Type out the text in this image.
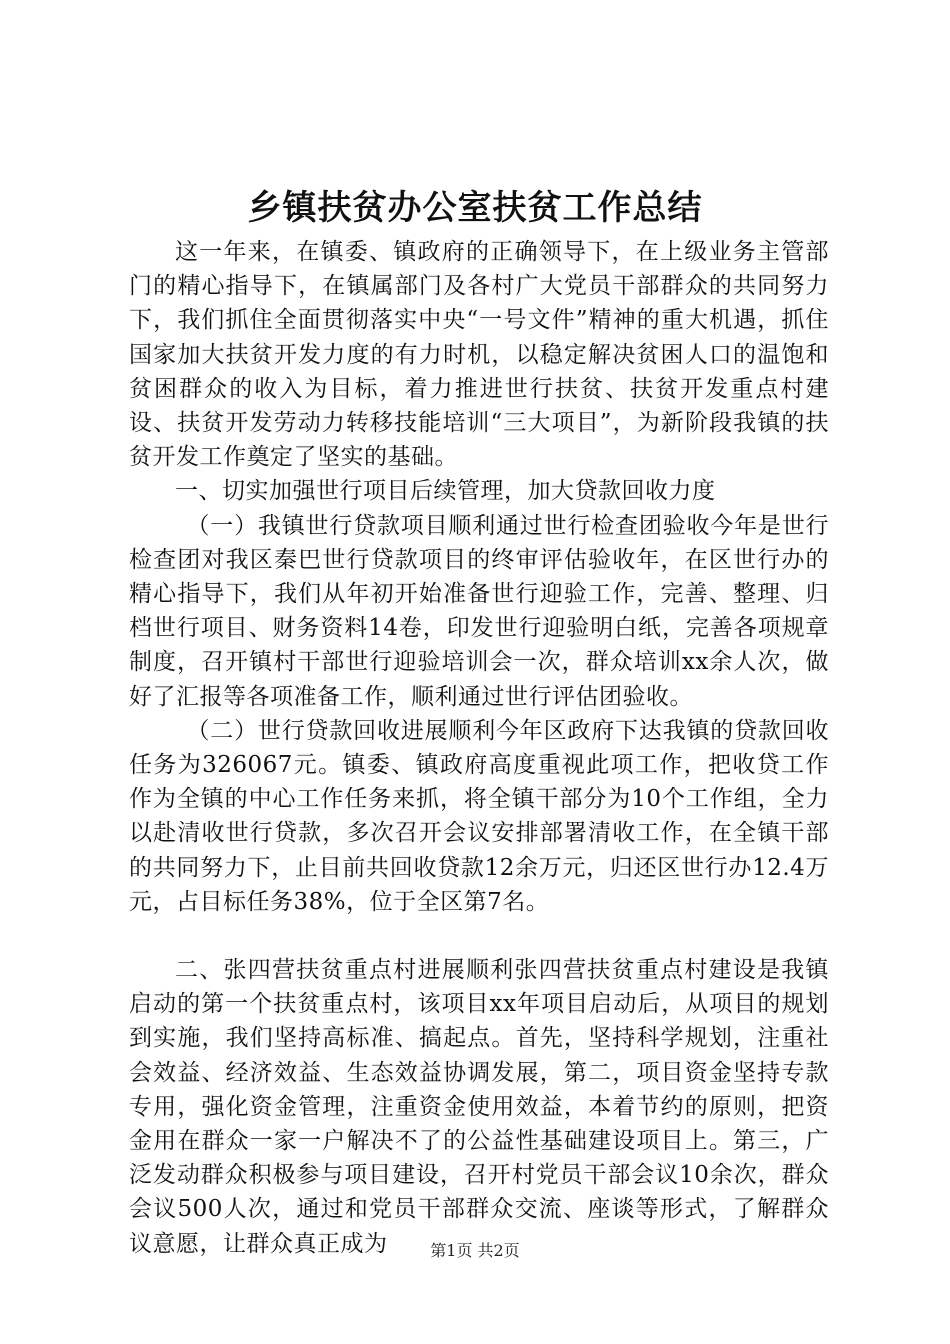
乡镇扶贫办公室扶贫工作总结

这一年来，在镇委、镇政府的正确领导下，在上级业务主管部门的精心指导下，在镇属部门及各村广大党员干部群众的共同努力下，我们抓住全面贯彻落实中央“一号文件”精神的重大机遇，抓住国家加大扶贫开发力度的有力时机，以稳定解决贫困人口的温饱和贫困群众的收入为目标，着力推进世行扶贫、扶贫开发重点村建设、扶贫开发劳动力转移技能培训“三大项目”，为新阶段我镇的扶贫开发工作奠定了坚实的基础。

一、切实加强世行项目后续管理，加大贷款回收力度

（一）我镇世行贷款项目顺利通过世行检查团验收今年是世行检查团对我区秦巴世行贷款项目的终审评估验收年，在区世行办的精心指导下，我们从年初开始准备世行迎验工作，完善、整理、归档世行项目、财务资料14卷，印发世行迎验明白纸，完善各项规章制度，召开镇村干部世行迎验培训会一次，群众培训xx余人次，做好了汇报等各项准备工作，顺利通过世行评估团验收。

（二）世行贷款回收进展顺利今年区政府下达我镇的贷款回收任务为326067元。镇委、镇政府高度重视此项工作，把收贷工作作为全镇的中心工作任务来抓，将全镇干部分为10个工作组，全力以赴清收世行贷款，多次召开会议安排部署清收工作，在全镇干部的共同努力下，止目前共回收贷款12余万元，归还区世行办12.4万元，占目标任务38%，位于全区第7名。

二、张四营扶贫重点村进展顺利张四营扶贫重点村建设是我镇启动的第一个扶贫重点村，该项目xx年项目启动后，从项目的规划到实施，我们坚持高标准、搞起点。首先，坚持科学规划，注重社会效益、经济效益、生态效益协调发展，第二，项目资金坚持专款专用，强化资金管理，注重资金使用效益，本着节约的原则，把资金用在群众一家一户解决不了的公益性基础建设项目上。第三，广泛发动群众积极参与项目建设，召开村党员干部会议10余次，群众会议500人次，通过和党员干部群众交流、座谈等形式，了解群众议意愿，让群众真正成为	第1页 共2页
